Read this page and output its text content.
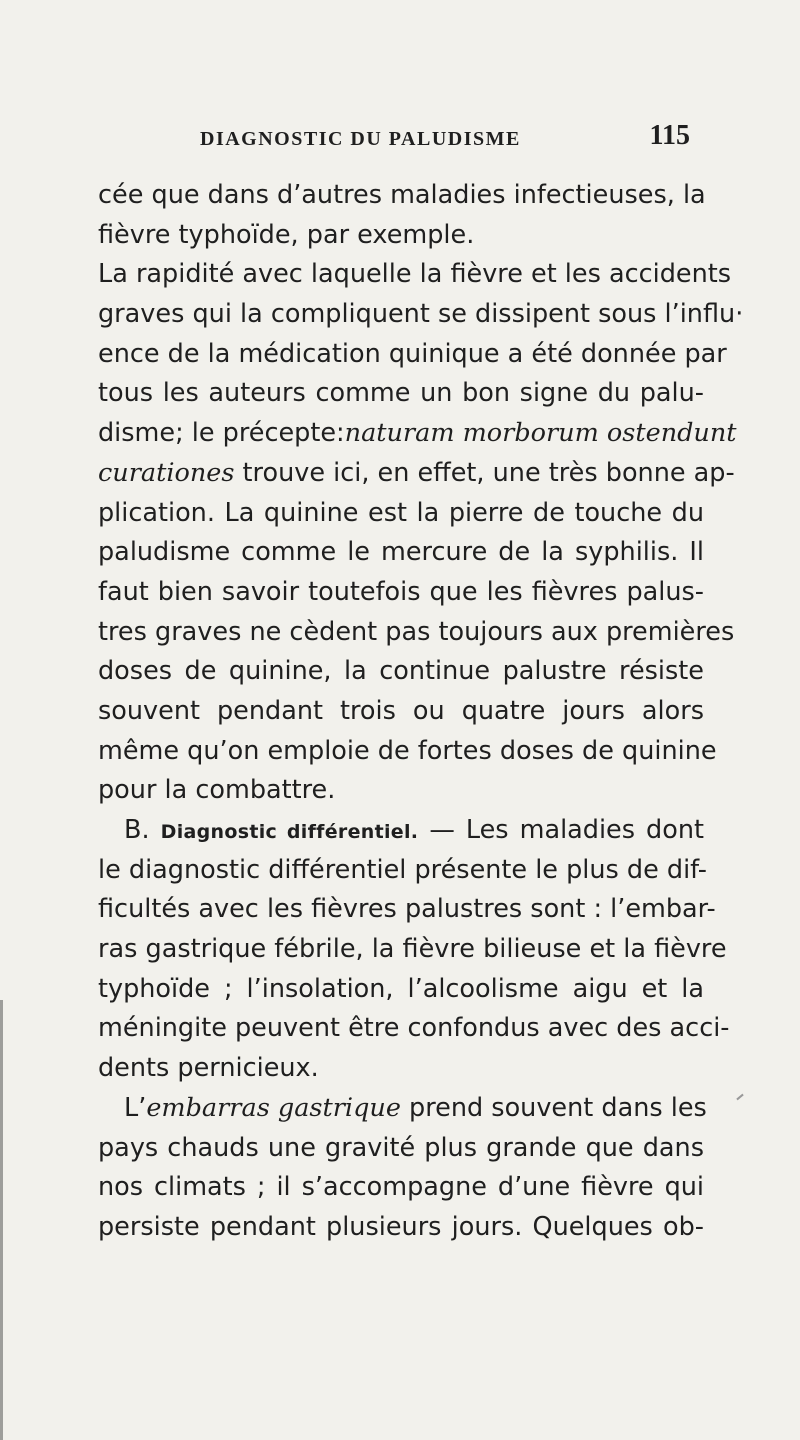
DIAGNOSTIC DU PALUDISME	115
cée que dans d’autres maladies infectieuses, la
fièvre typhoïde, par exemple.
La rapidité avec laquelle la fièvre et les accidents
graves qui la compliquent se dissipent sous l’influ·
ence de la médication quinique a été donnée par
tous les auteurs comme un bon signe du palu-
disme; le précepte:naturam morborum ostendunt
curationes trouve ici, en effet, une très bonne ap-
plication. La quinine est la pierre de touche du
paludisme comme le mercure de la syphilis. Il
faut bien savoir toutefois que les fièvres palus-
tres graves ne cèdent pas toujours aux premières
doses de quinine, la continue palustre résiste
souvent pendant trois ou quatre jours alors
même qu’on emploie de fortes doses de quinine
pour la combattre.
B. Diagnostic différentiel. — Les maladies dont
le diagnostic différentiel présente le plus de dif-
ficultés avec les fièvres palustres sont : l’embar-
ras gastrique fébrile, la fièvre bilieuse et la fièvre
typhoïde ; l’insolation, l’alcoolisme aigu et la
méningite peuvent être confondus avec des acci-
dents pernicieux.
L’embarras gastrique prend souvent dans les
pays chauds une gravité plus grande que dans
nos climats ; il s’accompagne d’une fièvre qui
persiste pendant plusieurs jours. Quelques ob-
